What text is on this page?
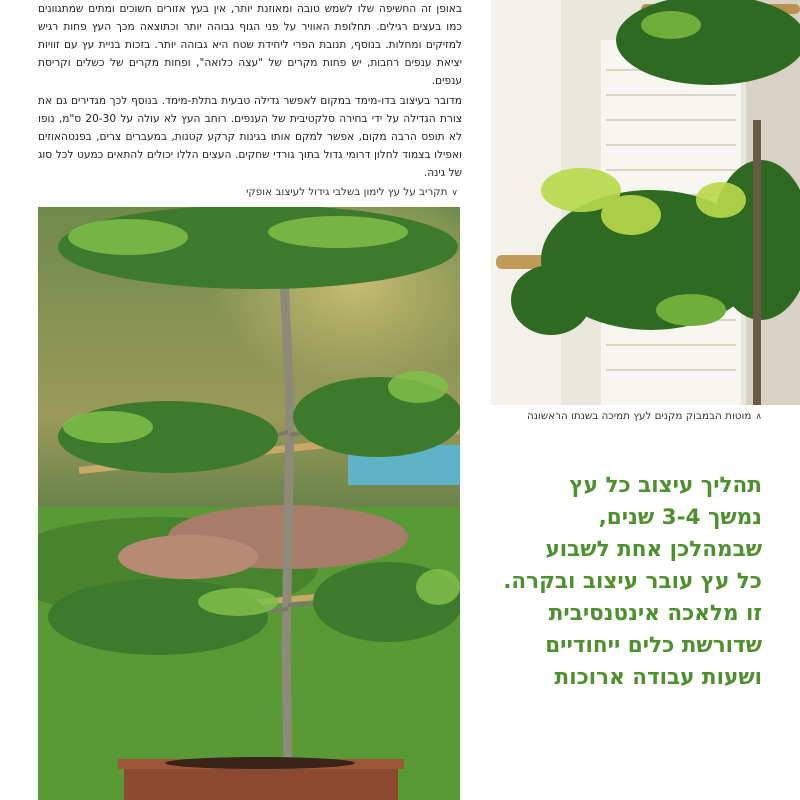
באופן זה החשיפה שלו לשמש טובה ומאוזנת יותר, אין בעץ אזורים חשוכים ומתים שמתגוונים כמו בעצים רגילים. תחלופת האוויר על פני הגוף גבוהה יותר וכתוצאה מכך העץ פחות רגיש למזיקים ומחלות. בנוסף, תנובת הפרי ליחידת שטח היא גבוהה יותר. בזכות בניית עץ עם זוויות יציאת ענפים רחבות, יש פחות מקרים של "עצה כלואה", ופחות מקרים של כשלים וקריסת ענפים.

מדובר בעיצוב בדו-מימד במקום לאפשר גדילה טבעית בתלת-מימד. בנוסף לכך מגדירים גם את צורת הגדילה על ידי בחירה סלקטיבית של הענפים. רוחב העץ לא עולה על 20-30 ס"מ, נופו לא תופס הרבה מקום, אפשר למקם אותו בגינות קרקע קטנות, במעברים צרים, בפנטהאוזים ואפילו בצמוד לחלון דרומי גדול בתוך גורדי שחקים. העצים הללו יכולים להתאים כמעט לכל סוג של גינה.

∨תקריב על עץ לימון בשלבי גידול לעיצוב אופקי
∧מוטות הבמבוק מקנים לעץ תמיכה בשנתו הראשונה
תהליך עיצוב כל עץ
נמשך 3-4 שנים,
שבמהלכן אחת לשבוע
כל עץ עובר עיצוב ובקרה.
זו מלאכה אינטנסיבית
שדורשת כלים ייחודיים
ושעות עבודה ארוכות
